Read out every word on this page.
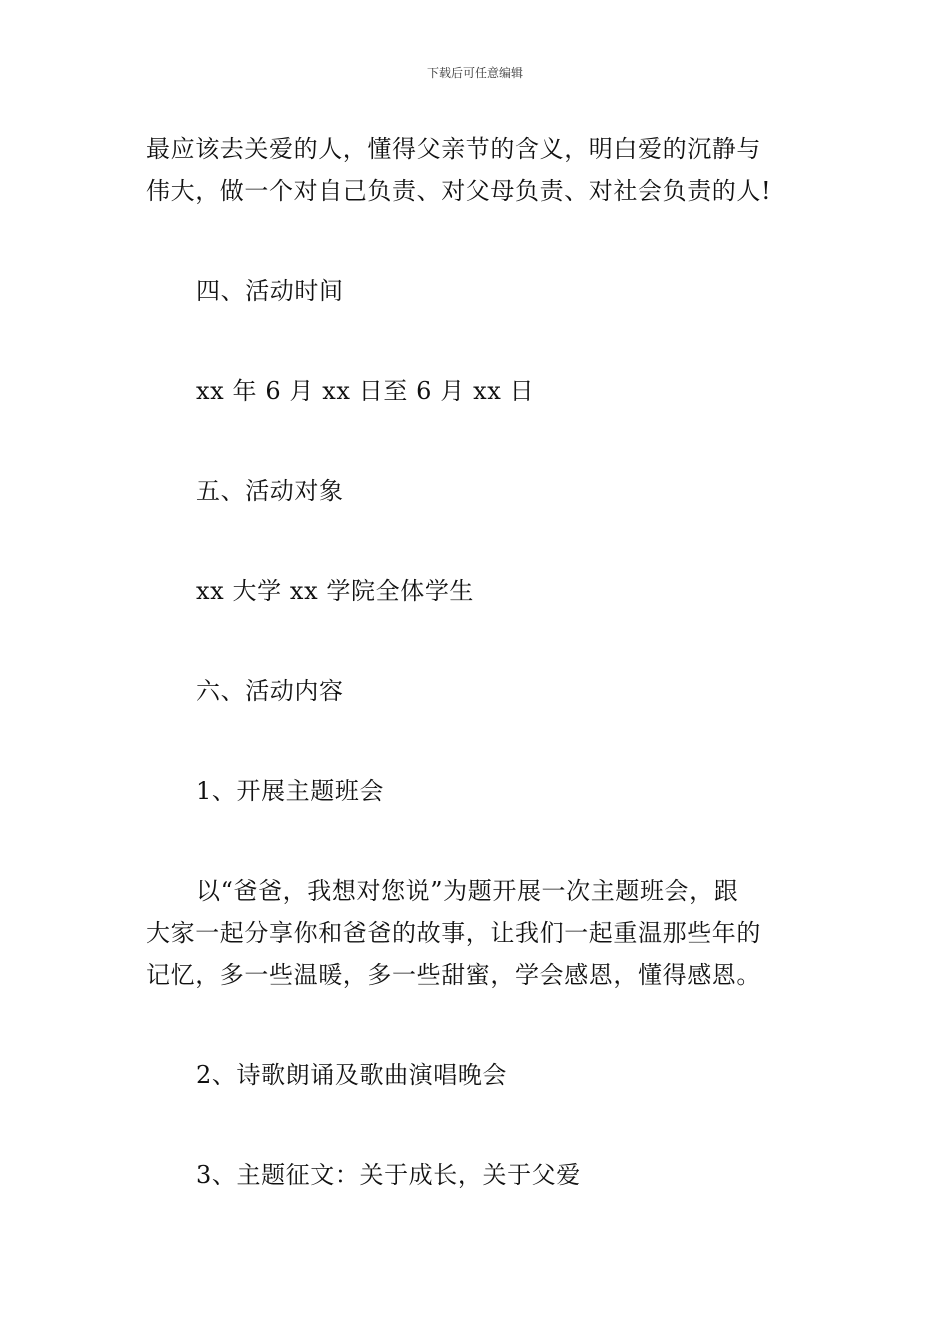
下载后可任意编辑

最应该去关爱的人，懂得父亲节的含义，明白爱的沉静与

伟大，做一个对自己负责、对父母负责、对社会负责的人!

四、活动时间

xx 年 6 月 xx 日至 6 月 xx 日

五、活动对象

xx 大学 xx 学院全体学生

六、活动内容

1、开展主题班会

以“爸爸，我想对您说”为题开展一次主题班会，跟

大家一起分享你和爸爸的故事，让我们一起重温那些年的

记忆，多一些温暖，多一些甜蜜，学会感恩，懂得感恩。

2、诗歌朗诵及歌曲演唱晚会

3、主题征文：关于成长，关于父爱
